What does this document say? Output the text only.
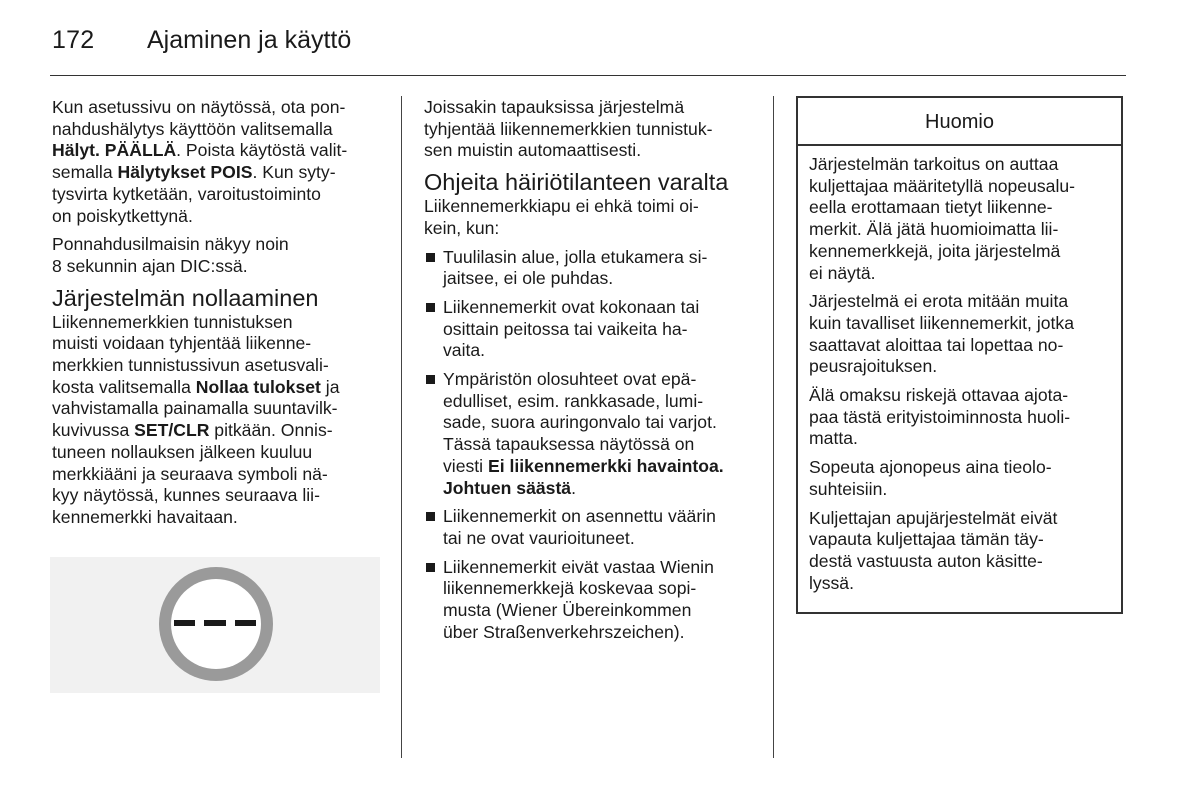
172 Ajaminen ja käyttö

Kun asetussivu on näytössä, ota pon-
nahdushälytys käyttöön valitsemalla
Hälyt. PÄÄLLÄ. Poista käytöstä valit-
semalla Hälytykset POIS. Kun syty-
tysvirta kytketään, varoitustoiminto
on poiskytkettynä.

Ponnahdusilmaisin näkyy noin
8 sekunnin ajan DIC:ssä.

Järjestelmän nollaaminen

Liikennemerkkien tunnistuksen
muisti voidaan tyhjentää liikenne-
merkkien tunnistussivun asetusvali-
kosta valitsemalla Nollaa tulokset ja
vahvistamalla painamalla suuntavilk-
kuvivussa SET/CLR pitkään. Onnis-
tuneen nollauksen jälkeen kuuluu
merkkiääni ja seuraava symboli nä-
kyy näytössä, kunnes seuraava lii-
kennemerkki havaitaan.

Joissakin tapauksissa järjestelmä
tyhjentää liikennemerkkien tunnistuk-
sen muistin automaattisesti.

Ohjeita häiriötilanteen varalta

Liikennemerkkiapu ei ehkä toimi oi-
kein, kun:

Tuulilasin alue, jolla etukamera si-
jaitsee, ei ole puhdas.
Liikennemerkit ovat kokonaan tai
osittain peitossa tai vaikeita ha-
vaita.
Ympäristön olosuhteet ovat epä-
edulliset, esim. rankkasade, lumi-
sade, suora auringonvalo tai varjot.
Tässä tapauksessa näytössä on
viesti Ei liikennemerkki havaintoa.
Johtuen säästä.
Liikennemerkit on asennettu väärin
tai ne ovat vaurioituneet.
Liikennemerkit eivät vastaa Wienin
liikennemerkkejä koskevaa sopi-
musta (Wiener Übereinkommen
über Straßenverkehrszeichen).
Huomio

Järjestelmän tarkoitus on auttaa
kuljettajaa määritetyllä nopeusalu-
eella erottamaan tietyt liikenne-
merkit. Älä jätä huomioimatta lii-
kennemerkkejä, joita järjestelmä
ei näytä.

Järjestelmä ei erota mitään muita
kuin tavalliset liikennemerkit, jotka
saattavat aloittaa tai lopettaa no-
peusrajoituksen.

Älä omaksu riskejä ottavaa ajota-
paa tästä erityistoiminnosta huoli-
matta.

Sopeuta ajonopeus aina tieolo-
suhteisiin.

Kuljettajan apujärjestelmät eivät
vapauta kuljettajaa tämän täy-
destä vastuusta auton käsitte-
lyssä.
